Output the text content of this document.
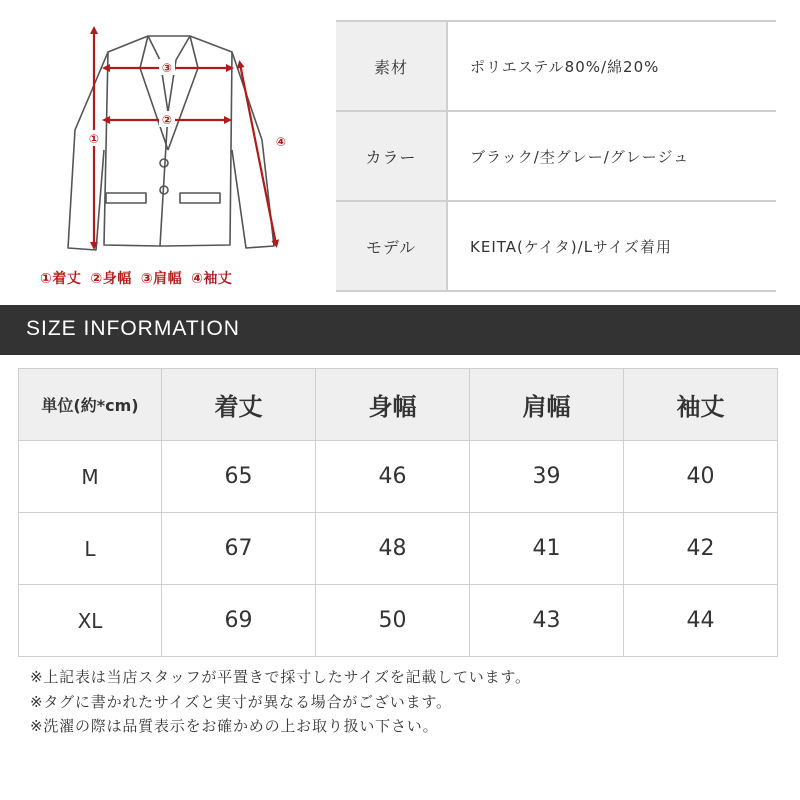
①
②
③
④
①着丈 ②身幅 ③肩幅 ④袖丈
素材	ポリエステル80%/綿20%
カラー	ブラック/杢グレー/グレージュ
モデル	KEITA(ケイタ)/Lサイズ着用
SIZE INFORMATION
単位(約*cm)	着丈	身幅	肩幅	袖丈
M	65	46	39	40
L	67	48	41	42
XL	69	50	43	44
※上記表は当店スタッフが平置きで採寸したサイズを記載しています。
※タグに書かれたサイズと実寸が異なる場合がございます。
※洗濯の際は品質表示をお確かめの上お取り扱い下さい。
